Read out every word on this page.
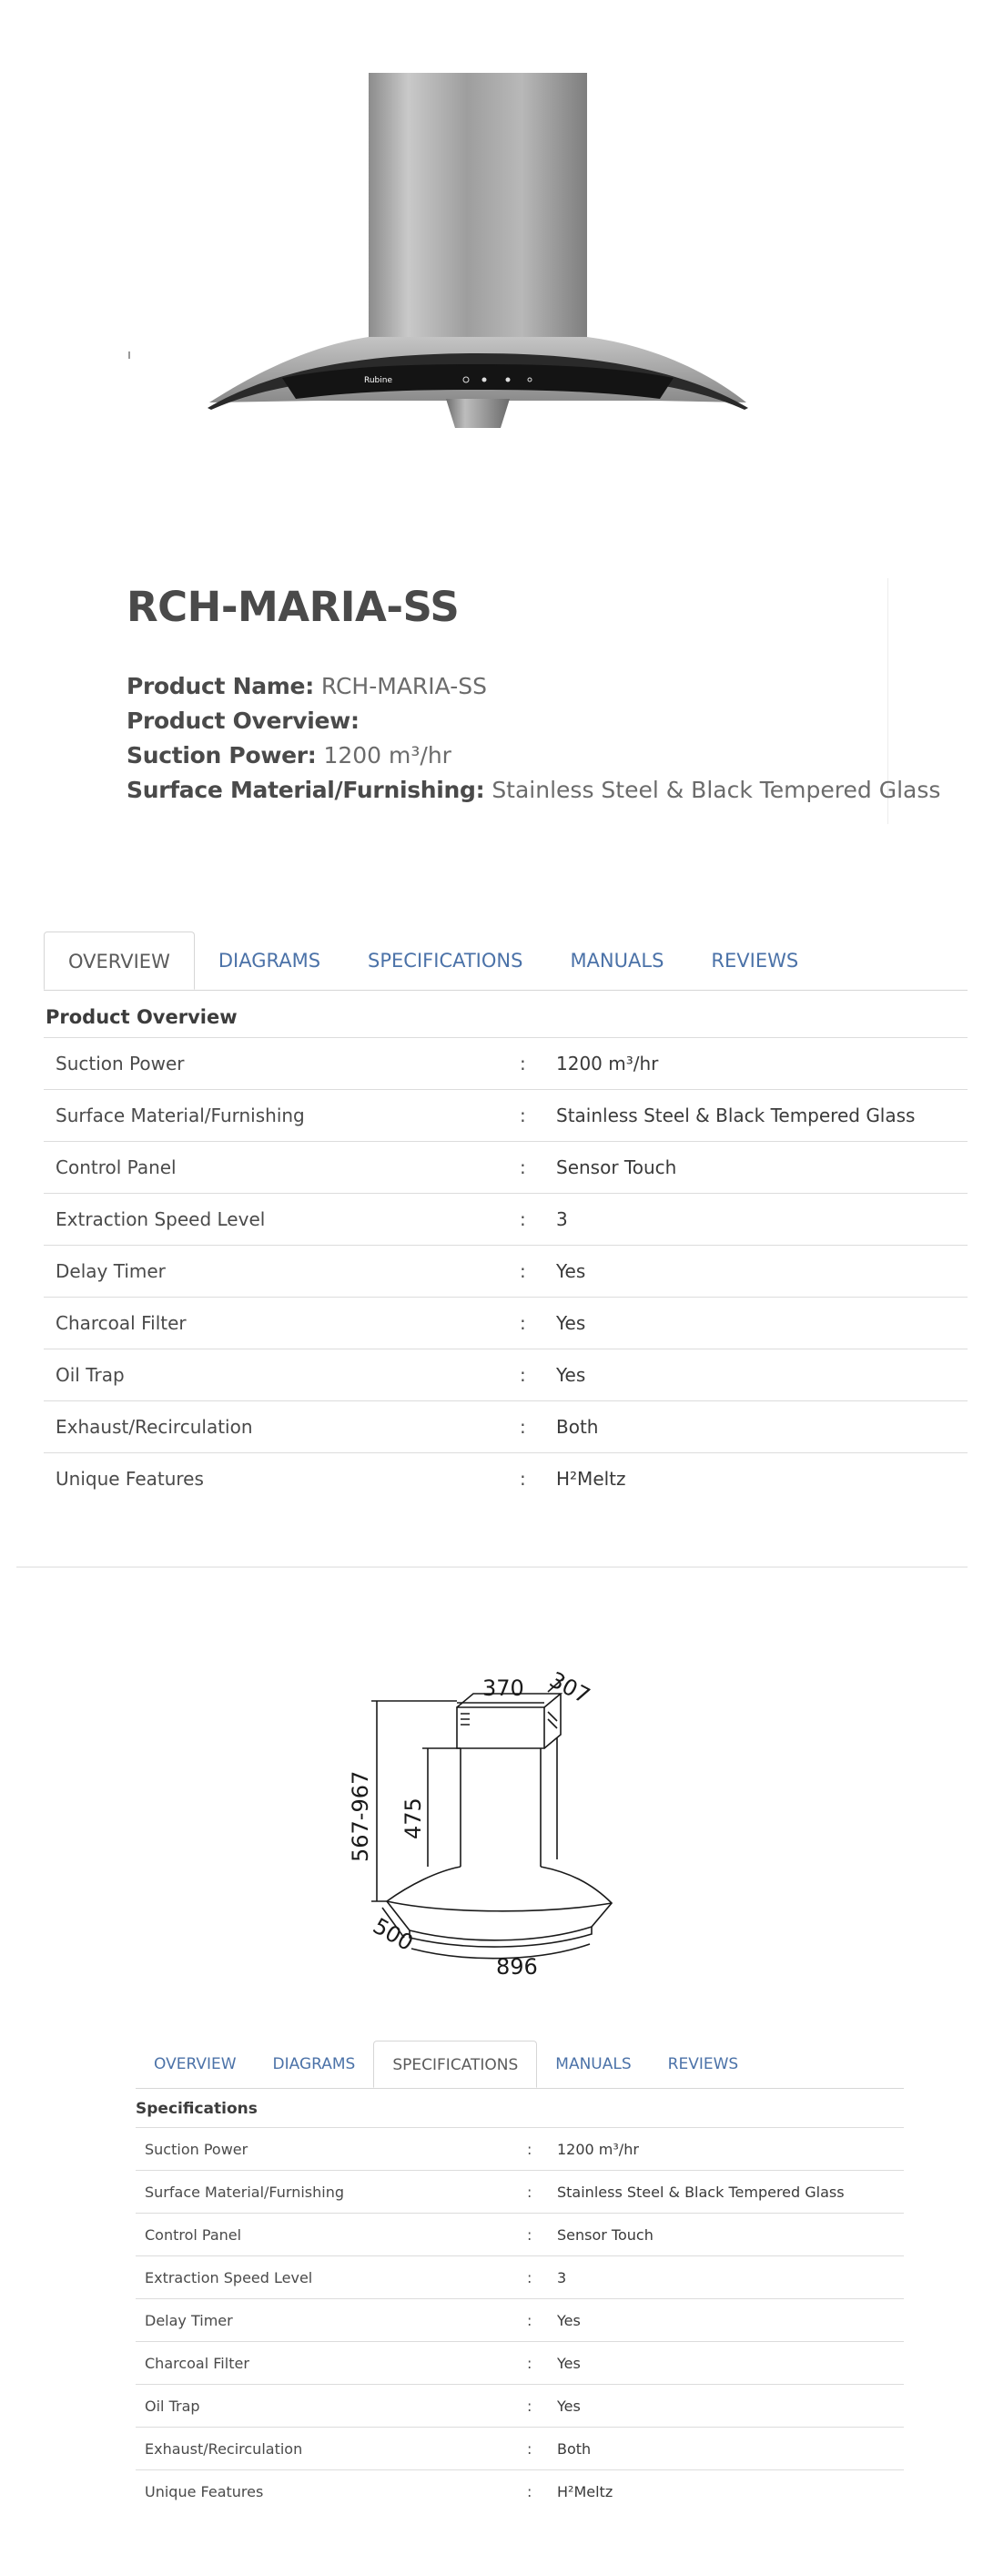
Rubine
RCH-MARIA-SS
Product Name: RCH-MARIA-SS
Product Overview:
Suction Power: 1200 m³/hr
Surface Material/Furnishing: Stainless Steel & Black Tempered Glass
OVERVIEW	DIAGRAMS	SPECIFICATIONS	MANUALS	REVIEWS
Product Overview
Suction Power	:	1200 m³/hr
Surface Material/Furnishing	:	Stainless Steel & Black Tempered Glass
Control Panel	:	Sensor Touch
Extraction Speed Level	:	3
Delay Timer	:	Yes
Charcoal Filter	:	Yes
Oil Trap	:	Yes
Exhaust/Recirculation	:	Both
Unique Features	:	H²Meltz
370 307
567-967 475
500
896
OVERVIEW	DIAGRAMS	SPECIFICATIONS	MANUALS	REVIEWS
Specifications
Suction Power	:	1200 m³/hr
Surface Material/Furnishing	:	Stainless Steel & Black Tempered Glass
Control Panel	:	Sensor Touch
Extraction Speed Level	:	3
Delay Timer	:	Yes
Charcoal Filter	:	Yes
Oil Trap	:	Yes
Exhaust/Recirculation	:	Both
Unique Features	:	H²Meltz
